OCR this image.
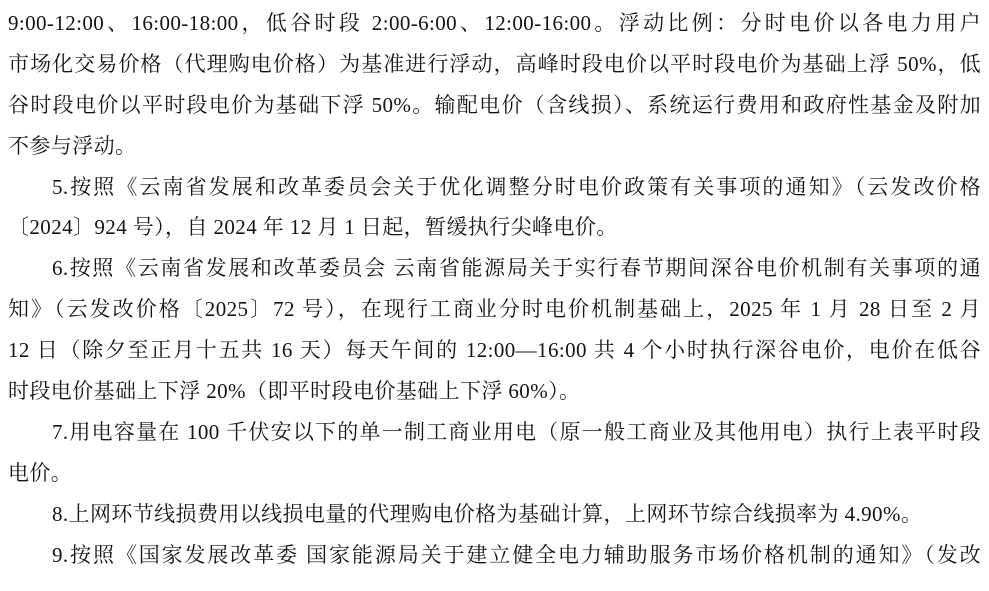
9:00-12:00、16:00-18:00，低谷时段 2:00-6:00、12:00-16:00。浮动比例：分时电价以各电力用户
市场化交易价格（代理购电价格）为基准进行浮动，高峰时段电价以平时段电价为基础上浮 50%，低
谷时段电价以平时段电价为基础下浮 50%。输配电价（含线损）、系统运行费用和政府性基金及附加
不参与浮动。
5.按照《云南省发展和改革委员会关于优化调整分时电价政策有关事项的通知》（云发改价格
〔2024〕924 号），自 2024 年 12 月 1 日起，暂缓执行尖峰电价。
6.按照《云南省发展和改革委员会 云南省能源局关于实行春节期间深谷电价机制有关事项的通
知》（云发改价格〔2025〕72 号），在现行工商业分时电价机制基础上，2025 年 1 月 28 日至 2 月
12 日（除夕至正月十五共 16 天）每天午间的 12:00—16:00 共 4 个小时执行深谷电价，电价在低谷
时段电价基础上下浮 20%（即平时段电价基础上下浮 60%）。
7.用电容量在 100 千伏安以下的单一制工商业用电（原一般工商业及其他用电）执行上表平时段
电价。
8.上网环节线损费用以线损电量的代理购电价格为基础计算，上网环节综合线损率为 4.90%。
9.按照《国家发展改革委 国家能源局关于建立健全电力辅助服务市场价格机制的通知》（发改
